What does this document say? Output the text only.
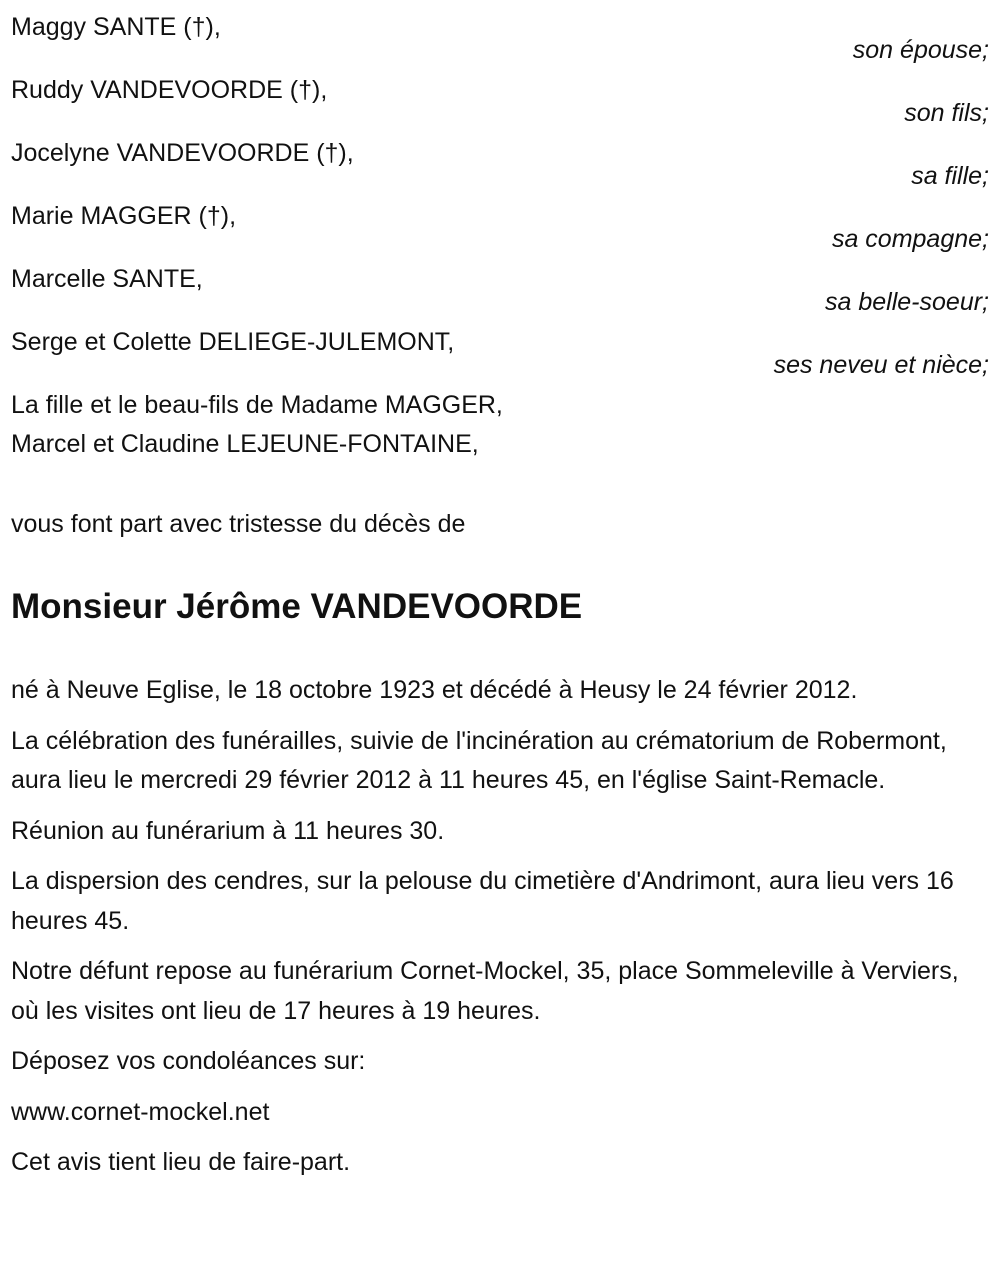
Maggy SANTE (†),
son épouse;
Ruddy VANDEVOORDE (†),
son fils;
Jocelyne VANDEVOORDE (†),
sa fille;
Marie MAGGER (†),
sa compagne;
Marcelle SANTE,
sa belle-soeur;
Serge et Colette DELIEGE-JULEMONT,
ses neveu et nièce;
La fille et le beau-fils de Madame MAGGER,
Marcel et Claudine LEJEUNE-FONTAINE,
vous font part avec tristesse du décès de
Monsieur Jérôme VANDEVOORDE

né à Neuve Eglise, le 18 octobre 1923 et décédé à Heusy le 24 février 2012.

La célébration des funérailles, suivie de l'incinération au crématorium de Robermont, aura lieu le mercredi 29 février 2012 à 11 heures 45, en l'église Saint-Remacle.

Réunion au funérarium à 11 heures 30.

La dispersion des cendres, sur la pelouse du cimetière d'Andrimont, aura lieu vers 16 heures 45.

Notre défunt repose au funérarium Cornet-Mockel, 35, place Sommeleville à Verviers, où les visites ont lieu de 17 heures à 19 heures.

Déposez vos condoléances sur:

www.cornet-mockel.net

Cet avis tient lieu de faire-part.
